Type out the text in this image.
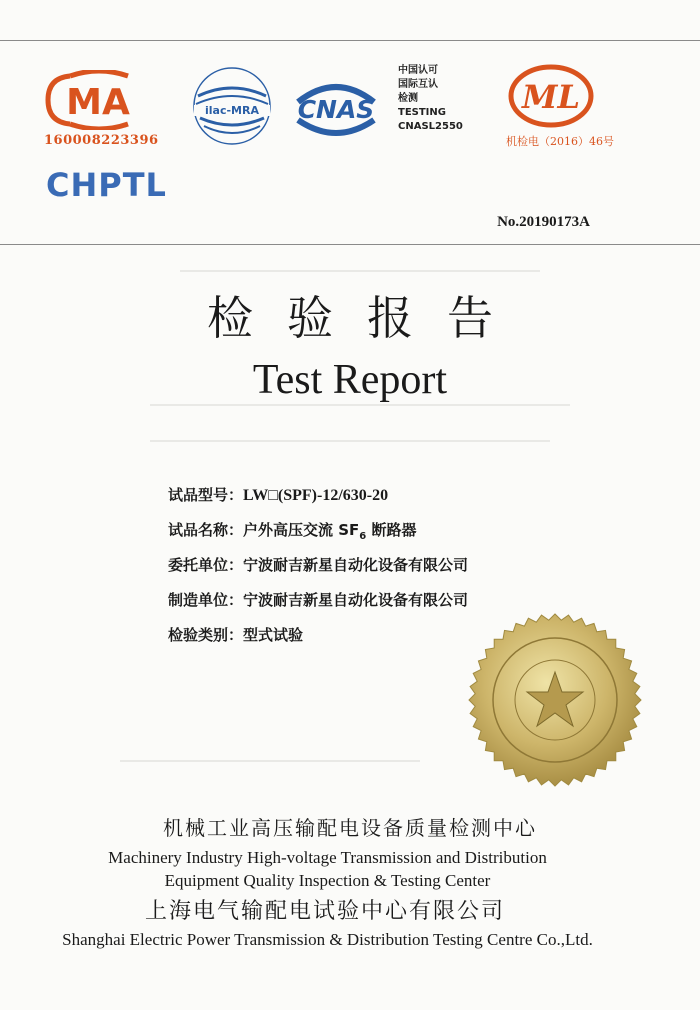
MA
160008223396
ilac-MRA CNAS
中国认可
国际互认
检测
TESTING
CNASL2550
ML
机检电（2016）46号
CHPTL
No.20190173A
检验报告
Test Report
试品型号：LW□(SPF)-12/630-20
试品名称：户外高压交流 $SF_6$ 断路器
委托单位：宁波耐吉新星自动化设备有限公司
制造单位：宁波耐吉新星自动化设备有限公司
检验类别：型式试验
机械工业高压输配电设备质量检测中心
Machinery Industry High-voltage Transmission and Distribution
Equipment Quality Inspection & Testing Center
上海电气输配电试验中心有限公司
Shanghai Electric Power Transmission & Distribution Testing Centre Co.,Ltd.
